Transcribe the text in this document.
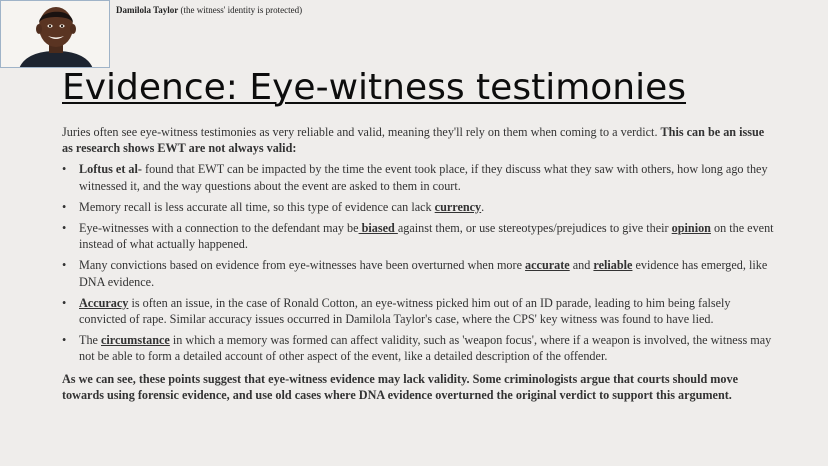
Damilola Taylor (the witness' identity is protected)
Evidence: Eye-witness testimonies

Juries often see eye-witness testimonies as very reliable and valid, meaning they'll rely on them when coming to a verdict. This can be an issue as research shows EWT are not always valid:

• Loftus et al- found that EWT can be impacted by the time the event took place, if they discuss what they saw with others, how long ago they witnessed it, and the way questions about the event are asked to them in court.
• Memory recall is less accurate all time, so this type of evidence can lack currency.
• Eye-witnesses with a connection to the defendant may be biased against them, or use stereotypes/prejudices to give their opinion on the event instead of what actually happened.
• Many convictions based on evidence from eye-witnesses have been overturned when more accurate and reliable evidence has emerged, like DNA evidence.
• Accuracy is often an issue, in the case of Ronald Cotton, an eye-witness picked him out of an ID parade, leading to him being falsely convicted of rape. Similar accuracy issues occurred in Damilola Taylor's case, where the CPS' key witness was found to have lied.
• The circumstance in which a memory was formed can affect validity, such as 'weapon focus', where if a weapon is involved, the witness may not be able to form a detailed account of other aspect of the event, like a detailed description of the offender.

As we can see, these points suggest that eye-witness evidence may lack validity. Some criminologists argue that courts should move towards using forensic evidence, and use old cases where DNA evidence overturned the original verdict to support this argument.
